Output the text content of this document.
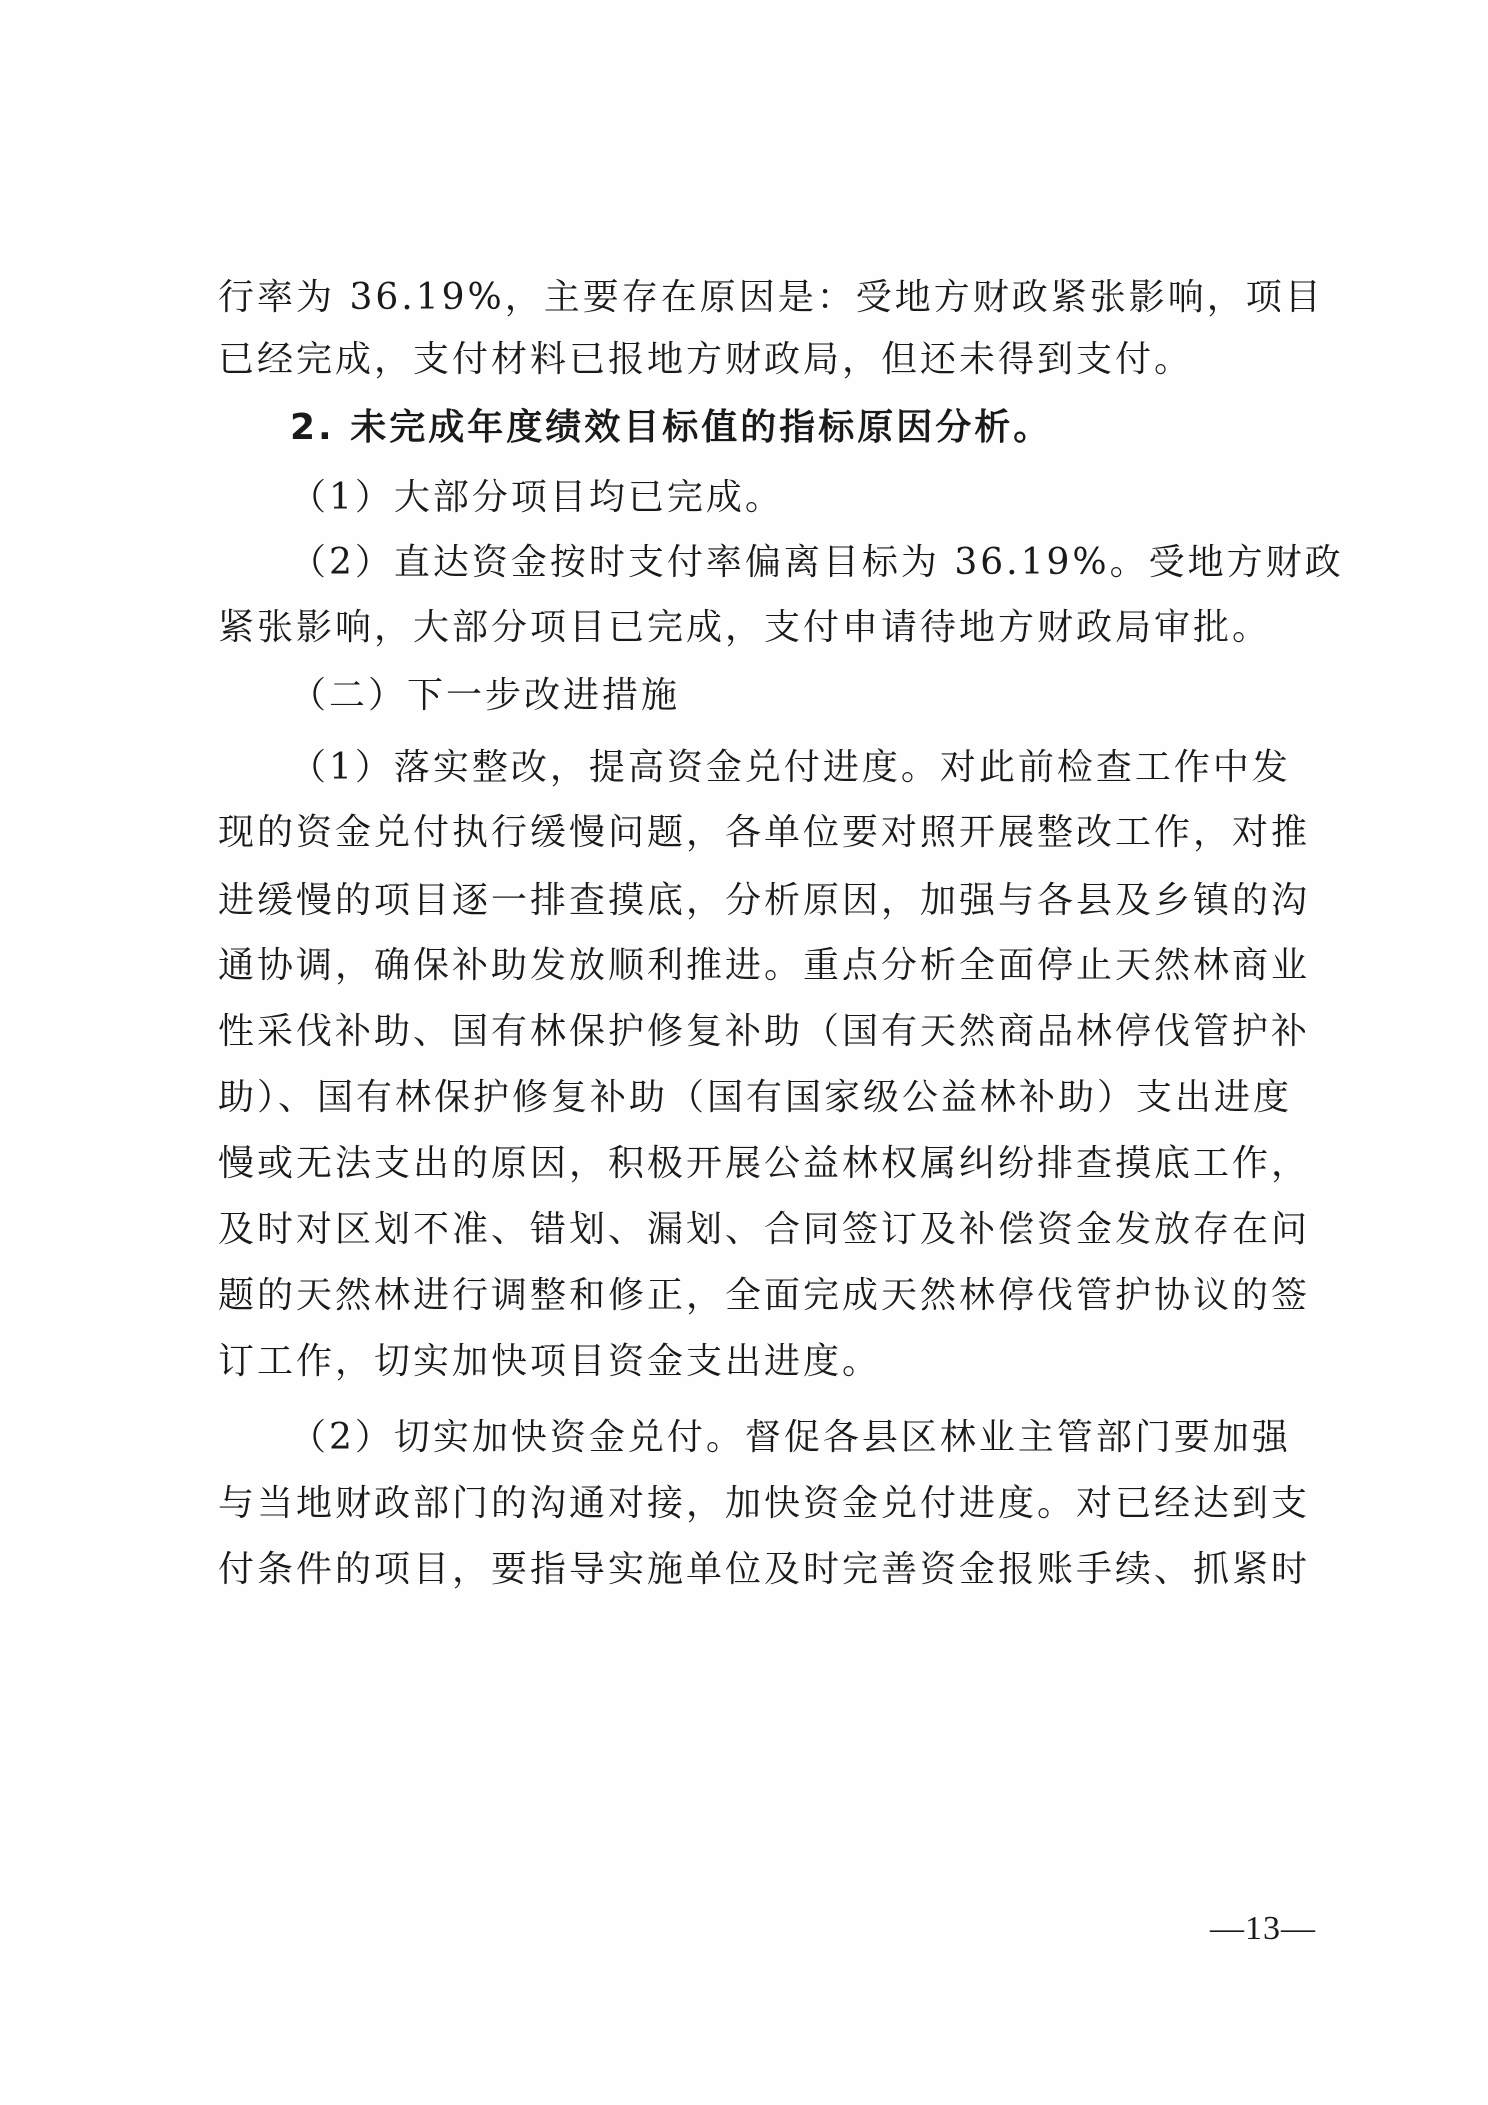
行率为 36.19%，主要存在原因是：受地方财政紧张影响，项目
已经完成，支付材料已报地方财政局，但还未得到支付。
2. 未完成年度绩效目标值的指标原因分析。
（1）大部分项目均已完成。
（2）直达资金按时支付率偏离目标为 36.19%。受地方财政
紧张影响，大部分项目已完成，支付申请待地方财政局审批。
（二）下一步改进措施
（1）落实整改，提高资金兑付进度。对此前检查工作中发
现的资金兑付执行缓慢问题，各单位要对照开展整改工作，对推
进缓慢的项目逐一排查摸底，分析原因，加强与各县及乡镇的沟
通协调，确保补助发放顺利推进。重点分析全面停止天然林商业
性采伐补助、国有林保护修复补助（国有天然商品林停伐管护补
助）、国有林保护修复补助（国有国家级公益林补助）支出进度
慢或无法支出的原因，积极开展公益林权属纠纷排查摸底工作，
及时对区划不准、错划、漏划、合同签订及补偿资金发放存在问
题的天然林进行调整和修正，全面完成天然林停伐管护协议的签
订工作，切实加快项目资金支出进度。
（2）切实加快资金兑付。督促各县区林业主管部门要加强
与当地财政部门的沟通对接，加快资金兑付进度。对已经达到支
付条件的项目，要指导实施单位及时完善资金报账手续、抓紧时
—13—
